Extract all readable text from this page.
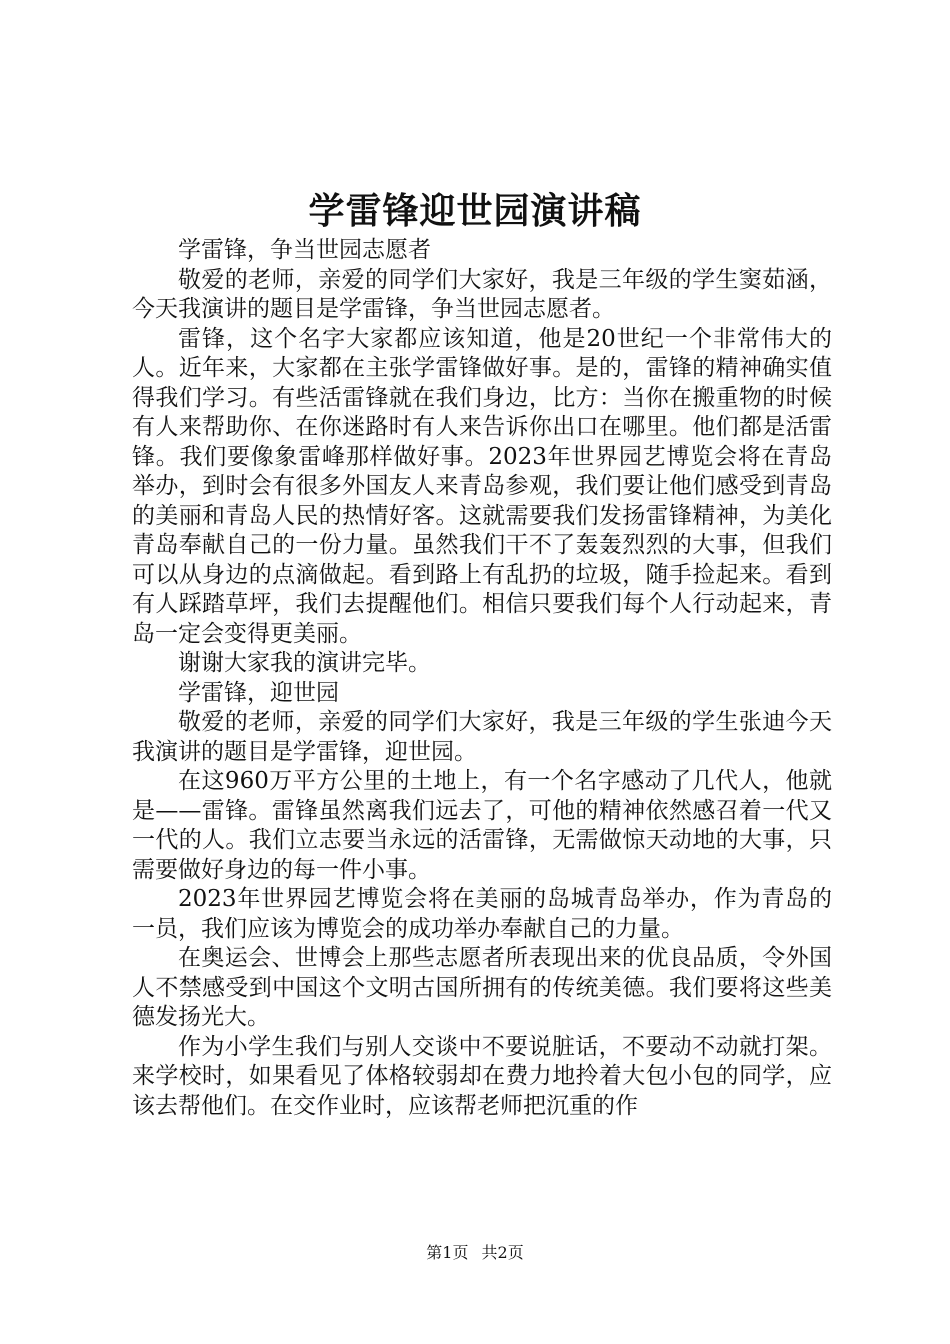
学雷锋迎世园演讲稿

学雷锋，争当世园志愿者

敬爱的老师，亲爱的同学们大家好，我是三年级的学生窦茹涵，今天我演讲的题目是学雷锋，争当世园志愿者。

雷锋，这个名字大家都应该知道，他是20世纪一个非常伟大的人。近年来，大家都在主张学雷锋做好事。是的，雷锋的精神确实值得我们学习。有些活雷锋就在我们身边，比方：当你在搬重物的时候有人来帮助你、在你迷路时有人来告诉你出口在哪里。他们都是活雷锋。我们要像象雷峰那样做好事。2023年世界园艺博览会将在青岛举办，到时会有很多外国友人来青岛参观，我们要让他们感受到青岛的美丽和青岛人民的热情好客。这就需要我们发扬雷锋精神，为美化青岛奉献自己的一份力量。虽然我们干不了轰轰烈烈的大事，但我们可以从身边的点滴做起。看到路上有乱扔的垃圾，随手捡起来。看到有人踩踏草坪，我们去提醒他们。相信只要我们每个人行动起来，青岛一定会变得更美丽。

谢谢大家我的演讲完毕。

学雷锋，迎世园

敬爱的老师，亲爱的同学们大家好，我是三年级的学生张迪今天我演讲的题目是学雷锋，迎世园。

在这960万平方公里的土地上，有一个名字感动了几代人，他就是——雷锋。雷锋虽然离我们远去了，可他的精神依然感召着一代又一代的人。我们立志要当永远的活雷锋，无需做惊天动地的大事，只需要做好身边的每一件小事。

2023年世界园艺博览会将在美丽的岛城青岛举办，作为青岛的一员，我们应该为博览会的成功举办奉献自己的力量。

在奥运会、世博会上那些志愿者所表现出来的优良品质，令外国人不禁感受到中国这个文明古国所拥有的传统美德。我们要将这些美德发扬光大。

作为小学生我们与别人交谈中不要说脏话，不要动不动就打架。来学校时，如果看见了体格较弱却在费力地拎着大包小包的同学，应该去帮他们。在交作业时，应该帮老师把沉重的作

第1页 共2页
